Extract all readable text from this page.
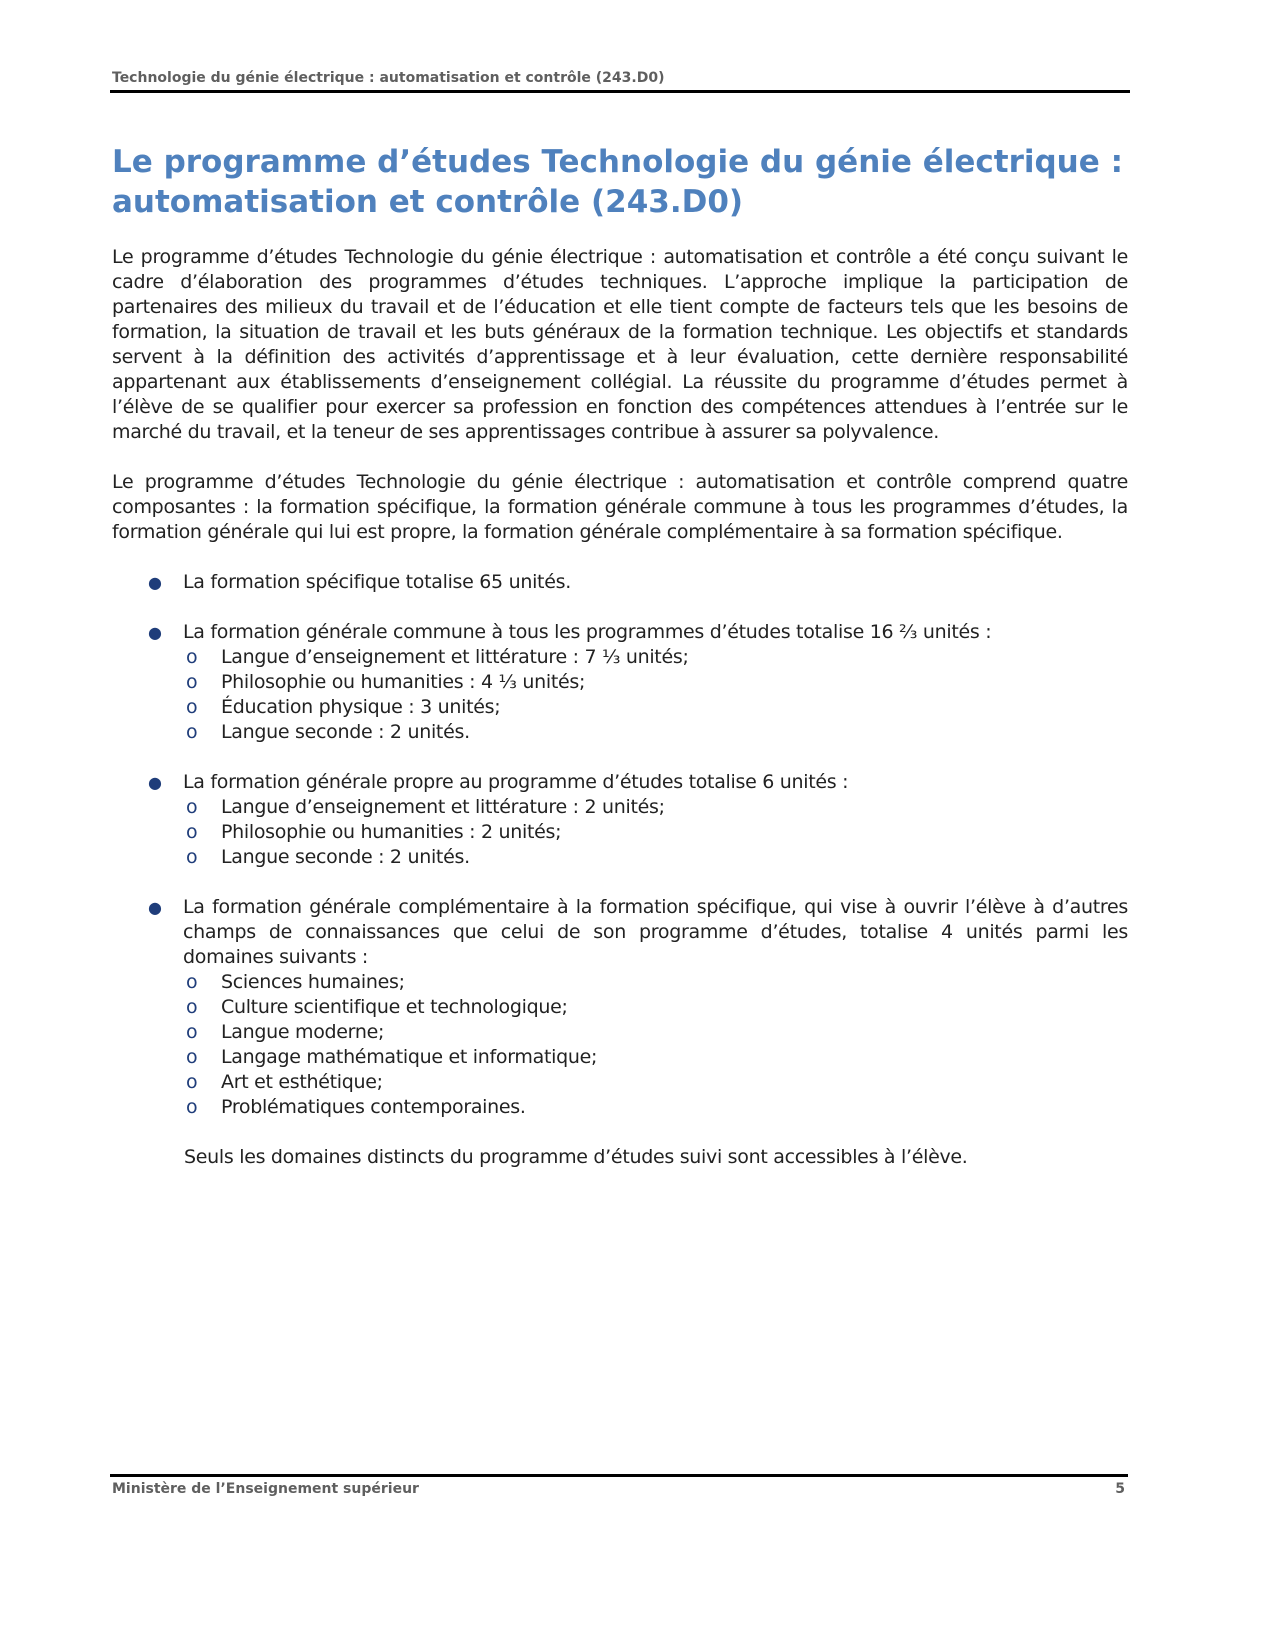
Technologie du génie électrique : automatisation et contrôle (243.D0)
Le programme d’études Technologie du génie électrique : automatisation et contrôle (243.D0)

Le programme d’études Technologie du génie électrique : automatisation et contrôle a été conçu suivant le cadre d’élaboration des programmes d’études techniques. L’approche implique la participation de partenaires des milieux du travail et de l’éducation et elle tient compte de facteurs tels que les besoins de formation, la situation de travail et les buts généraux de la formation technique. Les objectifs et standards servent à la définition des activités d’apprentissage et à leur évaluation, cette dernière responsabilité appartenant aux établissements d’enseignement collégial. La réussite du programme d’études permet à l’élève de se qualifier pour exercer sa profession en fonction des compétences attendues à l’entrée sur le marché du travail, et la teneur de ses apprentissages contribue à assurer sa polyvalence.

Le programme d’études Technologie du génie électrique : automatisation et contrôle comprend quatre composantes : la formation spécifique, la formation générale commune à tous les programmes d’études, la formation générale qui lui est propre, la formation générale complémentaire à sa formation spécifique.

● La formation spécifique totalise 65 unités.
● La formation générale commune à tous les programmes d’études totalise 16 ⅔ unités :
o Langue d’enseignement et littérature : 7 ⅓ unités;
o Philosophie ou humanities : 4 ⅓ unités;
o Éducation physique : 3 unités;
o Langue seconde : 2 unités.
● La formation générale propre au programme d’études totalise 6 unités :
o Langue d’enseignement et littérature : 2 unités;
o Philosophie ou humanities : 2 unités;
o Langue seconde : 2 unités.
● La formation générale complémentaire à la formation spécifique, qui vise à ouvrir l’élève à d’autres champs de connaissances que celui de son programme d’études, totalise 4 unités parmi les domaines suivants :
o Sciences humaines;
o Culture scientifique et technologique;
o Langue moderne;
o Langage mathématique et informatique;
o Art et esthétique;
o Problématiques contemporaines.

Seuls les domaines distincts du programme d’études suivi sont accessibles à l’élève.

Ministère de l’Enseignement supérieur	5
